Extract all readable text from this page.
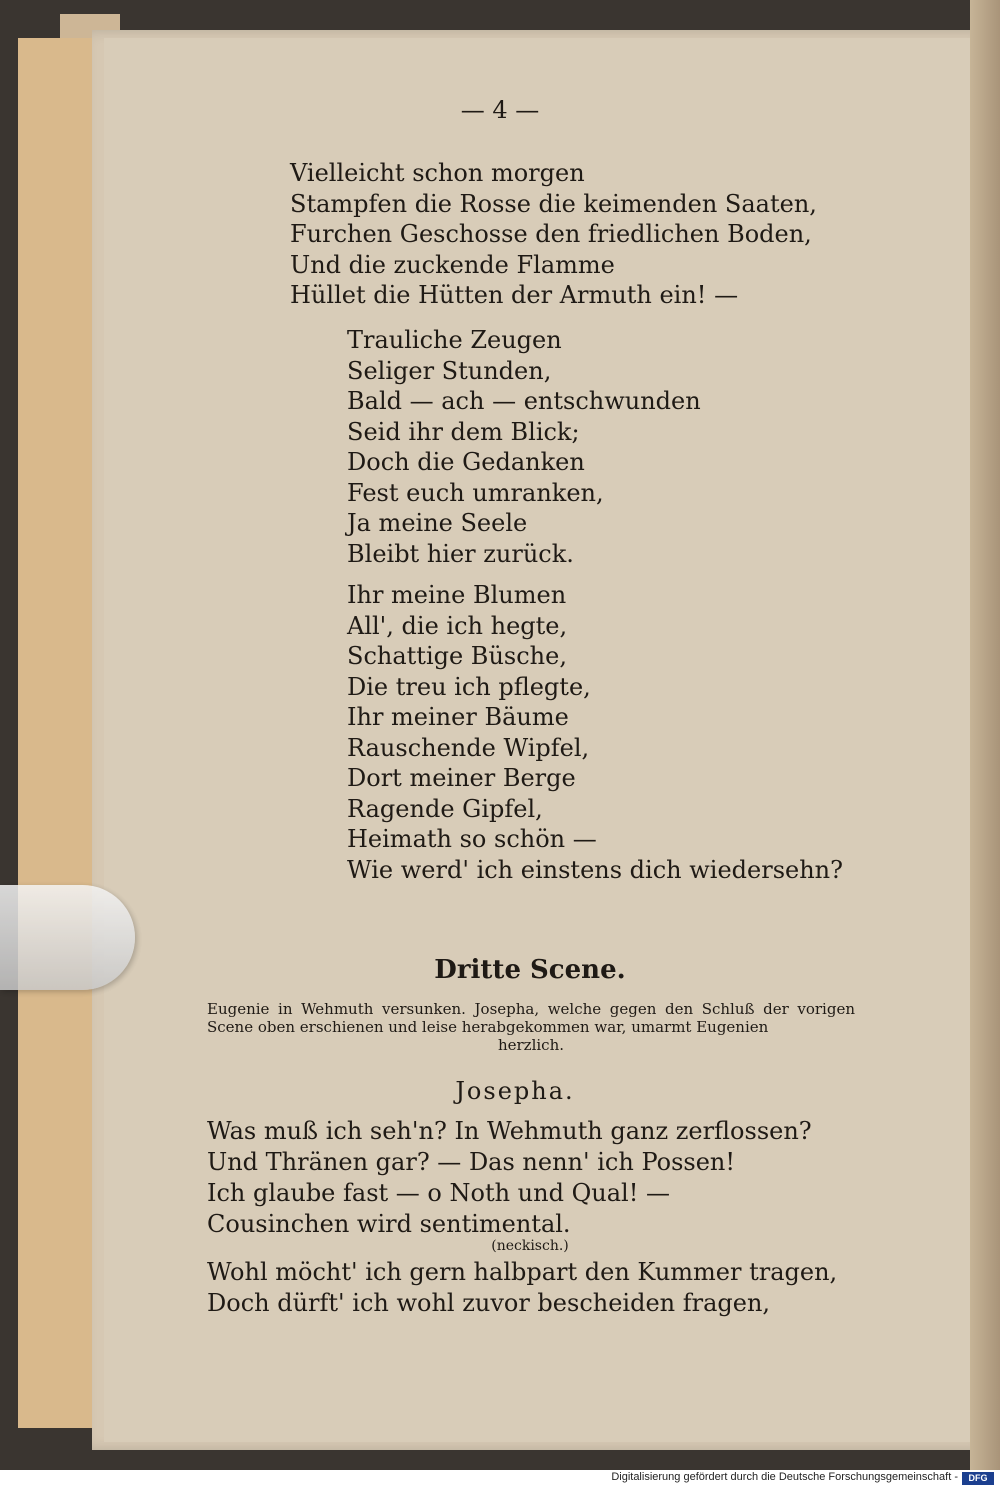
— 4 —
Vielleicht schon morgen
Stampfen die Rosse die keimenden Saaten,
Furchen Geschosse den friedlichen Boden,
Und die zuckende Flamme
Hüllet die Hütten der Armuth ein! —
Trauliche Zeugen
Seliger Stunden,
Bald — ach — entschwunden
Seid ihr dem Blick;
Doch die Gedanken
Fest euch umranken,
Ja meine Seele
Bleibt hier zurück.
Ihr meine Blumen
All', die ich hegte,
Schattige Büsche,
Die treu ich pflegte,
Ihr meiner Bäume
Rauschende Wipfel,
Dort meiner Berge
Ragende Gipfel,
Heimath so schön —
Wie werd' ich einstens dich wiedersehn?
Dritte Scene.
Eugenie in Wehmuth versunken. Josepha, welche gegen den Schluß der vorigen Scene oben erschienen und leise herabgekommen war, umarmt Eugenien
herzlich.
Josepha.
Was muß ich seh'n? In Wehmuth ganz zerflossen?
Und Thränen gar? — Das nenn' ich Possen!
Ich glaube fast — o Noth und Qual! —
Cousinchen wird sentimental.
(neckisch.)
Wohl möcht' ich gern halbpart den Kummer tragen,
Doch dürft' ich wohl zuvor bescheiden fragen,
Digitalisierung gefördert durch die Deutsche Forschungsgemeinschaft -	DFG
